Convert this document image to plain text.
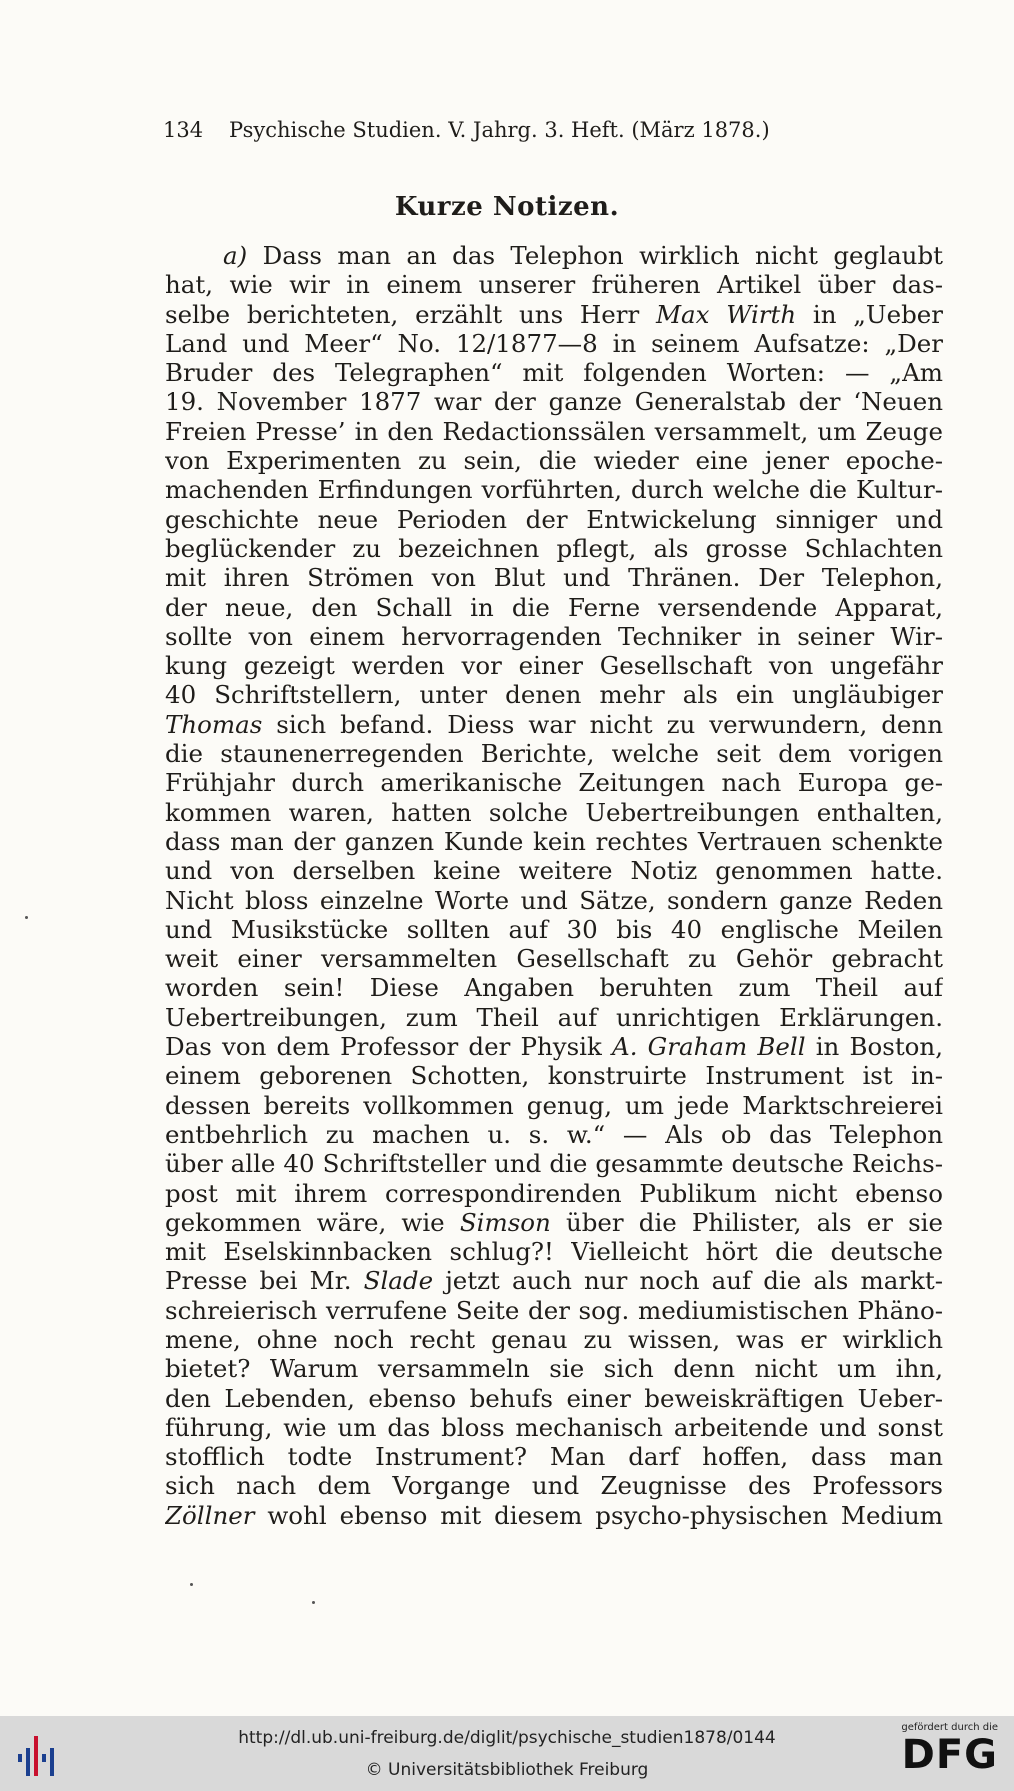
134 Psychische Studien. V. Jahrg. 3. Heft. (März 1878.)
Kurze Notizen.
a) Dass man an das Telephon wirklich nicht geglaubt
hat, wie wir in einem unserer früheren Artikel über das-
selbe berichteten, erzählt uns Herr Max Wirth in „Ueber
Land und Meer“ No. 12/1877—8 in seinem Aufsatze: „Der
Bruder des Telegraphen“ mit folgenden Worten: — „Am
19. November 1877 war der ganze Generalstab der ‘Neuen
Freien Presse’ in den Redactionssälen versammelt, um Zeuge
von Experimenten zu sein, die wieder eine jener epoche-
machenden Erfindungen vorführten, durch welche die Kultur-
geschichte neue Perioden der Entwickelung sinniger und
beglückender zu bezeichnen pflegt, als grosse Schlachten
mit ihren Strömen von Blut und Thränen. Der Telephon,
der neue, den Schall in die Ferne versendende Apparat,
sollte von einem hervorragenden Techniker in seiner Wir-
kung gezeigt werden vor einer Gesellschaft von ungefähr
40 Schriftstellern, unter denen mehr als ein ungläubiger
Thomas sich befand. Diess war nicht zu verwundern, denn
die staunenerregenden Berichte, welche seit dem vorigen
Frühjahr durch amerikanische Zeitungen nach Europa ge-
kommen waren, hatten solche Uebertreibungen enthalten,
dass man der ganzen Kunde kein rechtes Vertrauen schenkte
und von derselben keine weitere Notiz genommen hatte.
Nicht bloss einzelne Worte und Sätze, sondern ganze Reden
und Musikstücke sollten auf 30 bis 40 englische Meilen
weit einer versammelten Gesellschaft zu Gehör gebracht
worden sein! Diese Angaben beruhten zum Theil auf
Uebertreibungen, zum Theil auf unrichtigen Erklärungen.
Das von dem Professor der Physik A. Graham Bell in Boston,
einem geborenen Schotten, konstruirte Instrument ist in-
dessen bereits vollkommen genug, um jede Marktschreierei
entbehrlich zu machen u. s. w.“ — Als ob das Telephon
über alle 40 Schriftsteller und die gesammte deutsche Reichs-
post mit ihrem correspondirenden Publikum nicht ebenso
gekommen wäre, wie Simson über die Philister, als er sie
mit Eselskinnbacken schlug?! Vielleicht hört die deutsche
Presse bei Mr. Slade jetzt auch nur noch auf die als markt-
schreierisch verrufene Seite der sog. mediumistischen Phäno-
mene, ohne noch recht genau zu wissen, was er wirklich
bietet? Warum versammeln sie sich denn nicht um ihn,
den Lebenden, ebenso behufs einer beweiskräftigen Ueber-
führung, wie um das bloss mechanisch arbeitende und sonst
stofflich todte Instrument? Man darf hoffen, dass man
sich nach dem Vorgange und Zeugnisse des Professors
Zöllner wohl ebenso mit diesem psycho-physischen Medium
http://dl.ub.uni-freiburg.de/diglit/psychische_studien1878/0144
© Universitätsbibliothek Freiburg
gefördert durch die
DFG
